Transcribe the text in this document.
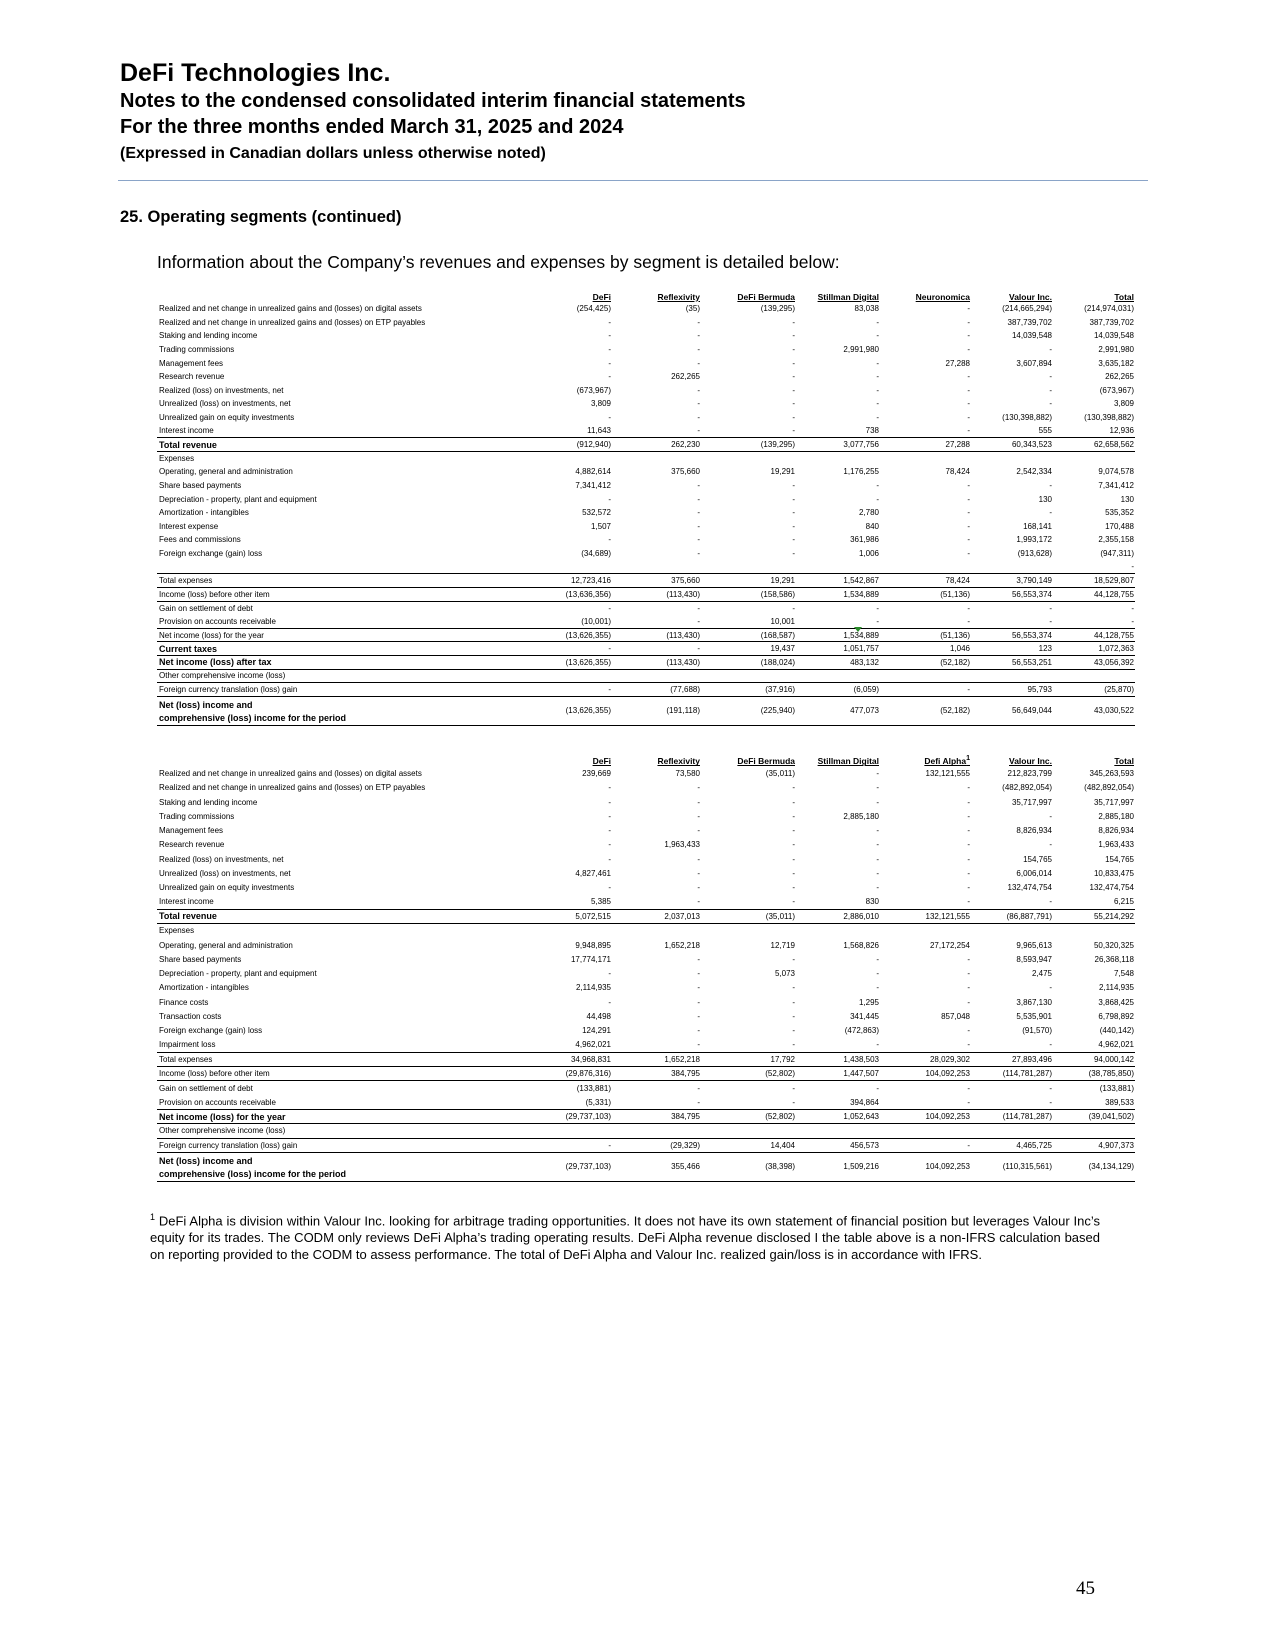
DeFi Technologies Inc.
Notes to the condensed consolidated interim financial statements
For the three months ended March 31, 2025 and 2024
(Expressed in Canadian dollars unless otherwise noted)
25. Operating segments (continued)
Information about the Company’s revenues and expenses by segment is detailed below:
	DeFi	Reflexivity	DeFi Bermuda	Stillman Digital	Neuronomica	Valour Inc.	Total
Realized and net change in unrealized gains and (losses) on digital assets	(254,425)	(35)	(139,295)	83,038	-	(214,665,294)	(214,974,031)
Realized and net change in unrealized gains and (losses) on ETP payables	-	-	-	-	-	387,739,702	387,739,702
Staking and lending income	-	-	-	-	-	14,039,548	14,039,548
Trading commissions	-	-	-	2,991,980	-	-	2,991,980
Management fees	-	-	-	-	27,288	3,607,894	3,635,182
Research revenue	-	262,265	-	-	-	-	262,265
Realized (loss) on investments, net	(673,967)	-	-	-	-	-	(673,967)
Unrealized (loss) on investments, net	3,809	-	-	-	-	-	3,809
Unrealized gain on equity investments	-	-	-	-	-	(130,398,882)	(130,398,882)
Interest income	11,643	-	-	738	-	555	12,936
Total revenue	(912,940)	262,230	(139,295)	3,077,756	27,288	60,343,523	62,658,562
Expenses							
Operating, general and administration	4,882,614	375,660	19,291	1,176,255	78,424	2,542,334	9,074,578
Share based payments	7,341,412	-	-	-	-	-	7,341,412
Depreciation - property, plant and equipment	-	-	-	-	-	130	130
Amortization - intangibles	532,572	-	-	2,780	-	-	535,352
Interest expense	1,507	-	-	840	-	168,141	170,488
Fees and commissions	-	-	-	361,986	-	1,993,172	2,355,158
Foreign exchange (gain) loss	(34,689)	-	-	1,006	-	(913,628)	(947,311)
							-
Total expenses	12,723,416	375,660	19,291	1,542,867	78,424	3,790,149	18,529,807
Income (loss) before other item	(13,636,356)	(113,430)	(158,586)	1,534,889	(51,136)	56,553,374	44,128,755
Gain on settlement of debt	-	-	-	-	-	-	-
Provision on accounts receivable	(10,001)	-	10,001	-	-	-	-
Net income (loss) for the year	(13,626,355)	(113,430)	(168,587)	1,534,889	(51,136)	56,553,374	44,128,755
Current taxes	-	-	19,437	1,051,757	1,046	123	1,072,363
Net income (loss) after tax	(13,626,355)	(113,430)	(188,024)	483,132	(52,182)	56,553,251	43,056,392
Other comprehensive income (loss)							
Foreign currency translation (loss) gain	-	(77,688)	(37,916)	(6,059)	-	95,793	(25,870)

Net (loss) income and
comprehensive (loss) income for the period	(13,626,355)	(191,118)	(225,940)	477,073	(52,182)	56,649,044	43,030,522
	DeFi	Reflexivity	DeFi Bermuda	Stillman Digital	Defi Alpha$^1$	Valour Inc.	Total
Realized and net change in unrealized gains and (losses) on digital assets	239,669	73,580	(35,011)	-	132,121,555	212,823,799	345,263,593
Realized and net change in unrealized gains and (losses) on ETP payables	-	-	-	-	-	(482,892,054)	(482,892,054)
Staking and lending income	-	-	-	-	-	35,717,997	35,717,997
Trading commissions	-	-	-	2,885,180	-	-	2,885,180
Management fees	-	-	-	-	-	8,826,934	8,826,934
Research revenue	-	1,963,433	-	-	-	-	1,963,433
Realized (loss) on investments, net	-	-	-	-	-	154,765	154,765
Unrealized (loss) on investments, net	4,827,461	-	-	-	-	6,006,014	10,833,475
Unrealized gain on equity investments	-	-	-	-	-	132,474,754	132,474,754
Interest income	5,385	-	-	830	-	-	6,215
Total revenue	5,072,515	2,037,013	(35,011)	2,886,010	132,121,555	(86,887,791)	55,214,292
Expenses							
Operating, general and administration	9,948,895	1,652,218	12,719	1,568,826	27,172,254	9,965,613	50,320,325
Share based payments	17,774,171	-	-	-	-	8,593,947	26,368,118
Depreciation - property, plant and equipment	-	-	5,073	-	-	2,475	7,548
Amortization - intangibles	2,114,935	-	-	-	-	-	2,114,935
Finance costs	-	-	-	1,295	-	3,867,130	3,868,425
Transaction costs	44,498	-	-	341,445	857,048	5,535,901	6,798,892
Foreign exchange (gain) loss	124,291	-	-	(472,863)	-	(91,570)	(440,142)
Impairment loss	4,962,021	-	-	-	-	-	4,962,021
Total expenses	34,968,831	1,652,218	17,792	1,438,503	28,029,302	27,893,496	94,000,142
Income (loss) before other item	(29,876,316)	384,795	(52,802)	1,447,507	104,092,253	(114,781,287)	(38,785,850)
Gain on settlement of debt	(133,881)	-	-	-	-	-	(133,881)
Provision on accounts receivable	(5,331)	-	-	394,864	-	-	389,533
Net income (loss) for the year	(29,737,103)	384,795	(52,802)	1,052,643	104,092,253	(114,781,287)	(39,041,502)
Other comprehensive income (loss)							
Foreign currency translation (loss) gain	-	(29,329)	14,404	456,573	-	4,465,725	4,907,373

Net (loss) income and
comprehensive (loss) income for the period	(29,737,103)	355,466	(38,398)	1,509,216	104,092,253	(110,315,561)	(34,134,129)
$^1$ DeFi Alpha is division within Valour Inc. looking for arbitrage trading opportunities. It does not have its own statement of financial position but leverages Valour Inc’s equity for its trades. The CODM only reviews DeFi Alpha’s trading operating results. DeFi Alpha revenue disclosed I the table above is a non-IFRS calculation based on reporting provided to the CODM to assess performance. The total of DeFi Alpha and Valour Inc. realized gain/loss is in accordance with IFRS.
45
